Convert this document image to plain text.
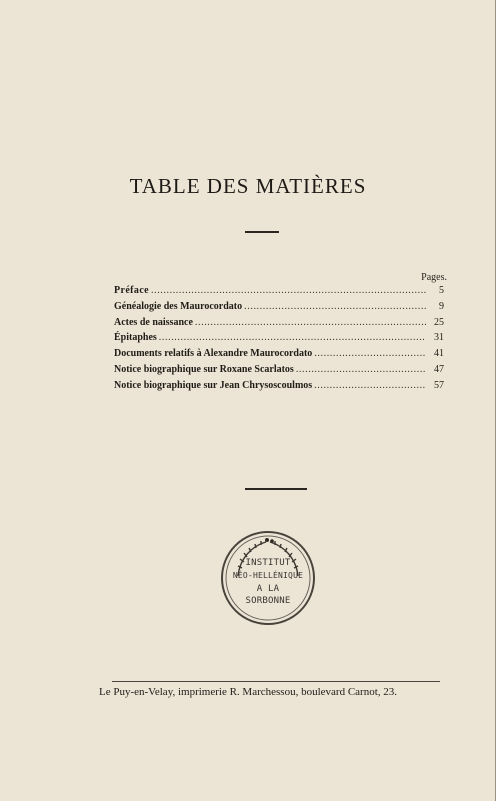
TABLE DES MATIÈRES
Pages.
Préface .....	5
Généalogie des Maurocordato .....	9
Actes de naissance .....	25
Épitaphes .....	31
Documents relatifs à Alexandre Maurocordato .....	41
Notice biographique sur Roxane Scarlatos .....	47
Notice biographique sur Jean Chrysoscoulmos .....	57
INSTITUT
NÉO-HELLÉNIQUE
A LA
SORBONNE
Le Puy-en-Velay, imprimerie R. Marchessou, boulevard Carnot, 23.
